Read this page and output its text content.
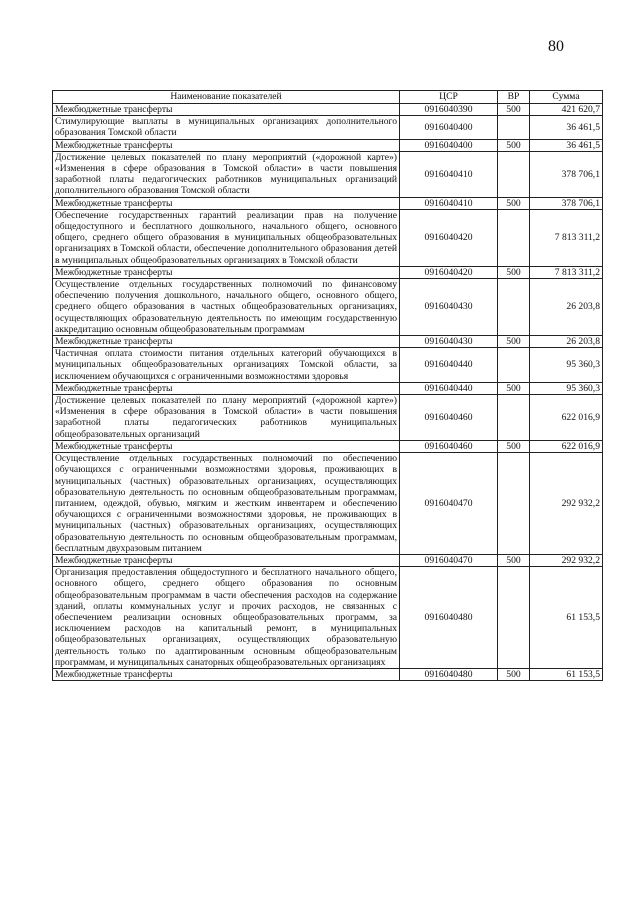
80
Наименование показателей	ЦСР	ВР	Сумма
Межбюджетные трансферты	0916040390	500	421 620,7
Стимулирующие выплаты в муниципальных организациях дополнительного образования Томской области	0916040400		36 461,5
Межбюджетные трансферты	0916040400	500	36 461,5
Достижение целевых показателей по плану мероприятий («дорожной карте») «Изменения в сфере образования в Томской области» в части повышения заработной платы педагогических работников муниципальных организаций дополнительного образования Томской области	0916040410		378 706,1
Межбюджетные трансферты	0916040410	500	378 706,1
Обеспечение государственных гарантий реализации прав на получение общедоступного и бесплатного дошкольного, начального общего, основного общего, среднего общего образования в муниципальных общеобразовательных организациях в Томской области, обеспечение дополнительного образования детей в муниципальных общеобразовательных организациях в Томской области	0916040420		7 813 311,2
Межбюджетные трансферты	0916040420	500	7 813 311,2
Осуществление отдельных государственных полномочий по финансовому обеспечению получения дошкольного, начального общего, основного общего, среднего общего образования в частных общеобразовательных организациях, осуществляющих образовательную деятельность по имеющим государственную аккредитацию основным общеобразовательным программам	0916040430		26 203,8
Межбюджетные трансферты	0916040430	500	26 203,8
Частичная оплата стоимости питания отдельных категорий обучающихся в муниципальных общеобразовательных организациях Томской области, за исключением обучающихся с ограниченными возможностями здоровья	0916040440		95 360,3
Межбюджетные трансферты	0916040440	500	95 360,3
Достижение целевых показателей по плану мероприятий («дорожной карте») «Изменения в сфере образования в Томской области» в части повышения заработной платы педагогических работников муниципальных общеобразовательных организаций	0916040460		622 016,9
Межбюджетные трансферты	0916040460	500	622 016,9
Осуществление отдельных государственных полномочий по обеспечению обучающихся с ограниченными возможностями здоровья, проживающих в муниципальных (частных) образовательных организациях, осуществляющих образовательную деятельность по основным общеобразовательным программам, питанием, одеждой, обувью, мягким и жестким инвентарем и обеспечению обучающихся с ограниченными возможностями здоровья, не проживающих в муниципальных (частных) образовательных организациях, осуществляющих образовательную деятельность по основным общеобразовательным программам, бесплатным двухразовым питанием	0916040470		292 932,2
Межбюджетные трансферты	0916040470	500	292 932,2
Организация предоставления общедоступного и бесплатного начального общего, основного общего, среднего общего образования по основным общеобразовательным программам в части обеспечения расходов на содержание зданий, оплаты коммунальных услуг и прочих расходов, не связанных с обеспечением реализации основных общеобразовательных программ, за исключением расходов на капитальный ремонт, в муниципальных общеобразовательных организациях, осуществляющих образовательную деятельность только по адаптированным основным общеобразовательным программам, и муниципальных санаторных общеобразовательных организациях	0916040480		61 153,5
Межбюджетные трансферты	0916040480	500	61 153,5
